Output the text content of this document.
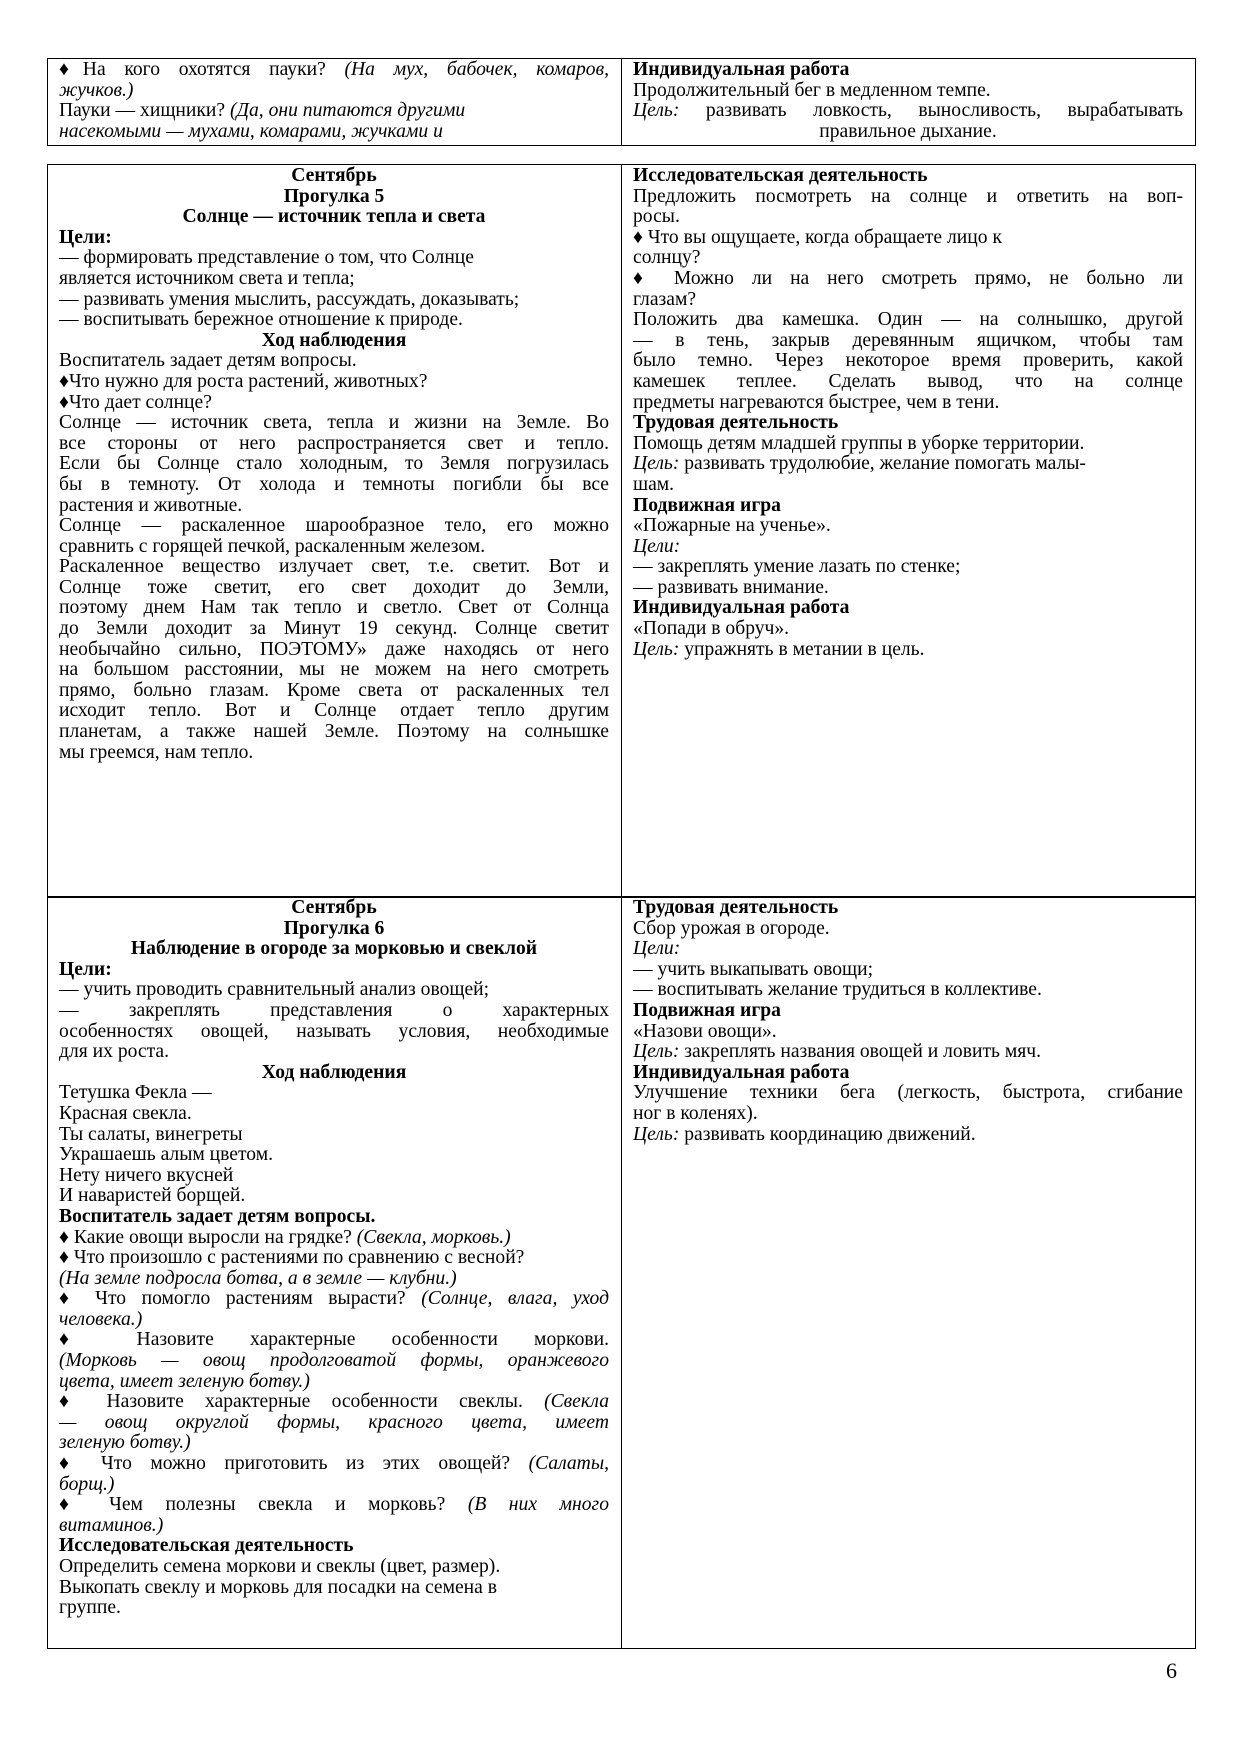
♦На кого охотятся пауки? (На мух, бабочек, комаров,
жучков.)
Пауки — хищники? (Да, они питаются другими
насекомыми — мухами, комарами, жучками и
Индивидуальная работа
Продолжительный бег в медленном темпе.
Цель: развивать ловкость, выносливость, вырабатывать
правильное дыхание.
Сентябрь
Прогулка 5
Солнце — источник тепла и света
Цели:
— формировать представление о том, что Солнце
является источником света и тепла;
— развивать умения мыслить, рассуждать, доказывать;
— воспитывать бережное отношение к природе.
Ход наблюдения
Воспитатель задает детям вопросы.
♦Что нужно для роста растений, животных?
♦Что дает солнце?
Солнце — источник света, тепла и жизни на Земле. Во
все стороны от него распространяется свет и тепло.
Если бы Солнце стало холодным, то Земля погрузилась
бы в темноту. От холода и темноты погибли бы все
растения и животные.
Солнце — раскаленное шарообразное тело, его можно
сравнить с горящей печкой, раскаленным железом.
Раскаленное вещество излучает свет, т.е. светит. Вот и
Солнце тоже светит, его свет доходит до Земли,
поэтому днем Нам так тепло и светло. Свет от Солнца
до Земли доходит за Минут 19 секунд. Солнце светит
необычайно сильно, ПОЭТОМУ» даже находясь от него
на большом расстоянии, мы не можем на него смотреть
прямо, больно глазам. Кроме света от раскаленных тел
исходит тепло. Вот и Солнце отдает тепло другим
планетам, а также нашей Земле. Поэтому на солнышке
мы греемся, нам тепло.
Исследовательская деятельность
Предложить посмотреть на солнце и ответить на воп-
росы.
♦ Что вы ощущаете, когда обращаете лицо к
солнцу?
♦ Можно ли на него смотреть прямо, не больно ли
глазам?
Положить два камешка. Один — на солнышко, другой
— в тень, закрыв деревянным ящичком, чтобы там
было темно. Через некоторое время проверить, какой
камешек теплее. Сделать вывод, что на солнце
предметы нагреваются быстрее, чем в тени.
Трудовая деятельность
Помощь детям младшей группы в уборке территории.
Цель: развивать трудолюбие, желание помогать малы-
шам.
Подвижная игра
«Пожарные на ученье».
Цели:
— закреплять умение лазать по стенке;
— развивать внимание.
Индивидуальная работа
«Попади в обруч».
Цель: упражнять в метании в цель.
Сентябрь
Прогулка 6
Наблюдение в огороде за морковью и свеклой
Цели:
— учить проводить сравнительный анализ овощей;
— закреплять представления о характерных
особенностях овощей, называть условия, необходимые
для их роста.
Ход наблюдения
Тетушка Фекла —
Красная свекла.
Ты салаты, винегреты
Украшаешь алым цветом.
Нету ничего вкусней
И наваристей борщей.
Воспитатель задает детям вопросы.
♦ Какие овощи выросли на грядке? (Свекла, морковь.)
♦ Что произошло с растениями по сравнению с весной?
(На земле подросла ботва, а в земле — клубни.)
♦ Что помогло растениям вырасти? (Солнце, влага, уход
человека.)
♦ Назовите характерные особенности моркови.
(Морковь — овощ продолговатой формы, оранжевого
цвета, имеет зеленую ботву.)
♦ Назовите характерные особенности свеклы. (Свекла
— овощ округлой формы, красного цвета, имеет
зеленую ботву.)
♦ Что можно приготовить из этих овощей? (Салаты,
борщ.)
♦ Чем полезны свекла и морковь? (В них много
витаминов.)
Исследовательская деятельность
Определить семена моркови и свеклы (цвет, размер).
Выкопать свеклу и морковь для посадки на семена в
группе.
Трудовая деятельность
Сбор урожая в огороде.
Цели:
— учить выкапывать овощи;
— воспитывать желание трудиться в коллективе.
Подвижная игра
«Назови овощи».
Цель: закреплять названия овощей и ловить мяч.
Индивидуальная работа
Улучшение техники бега (легкость, быстрота, сгибание
ног в коленях).
Цель: развивать координацию движений.
6
